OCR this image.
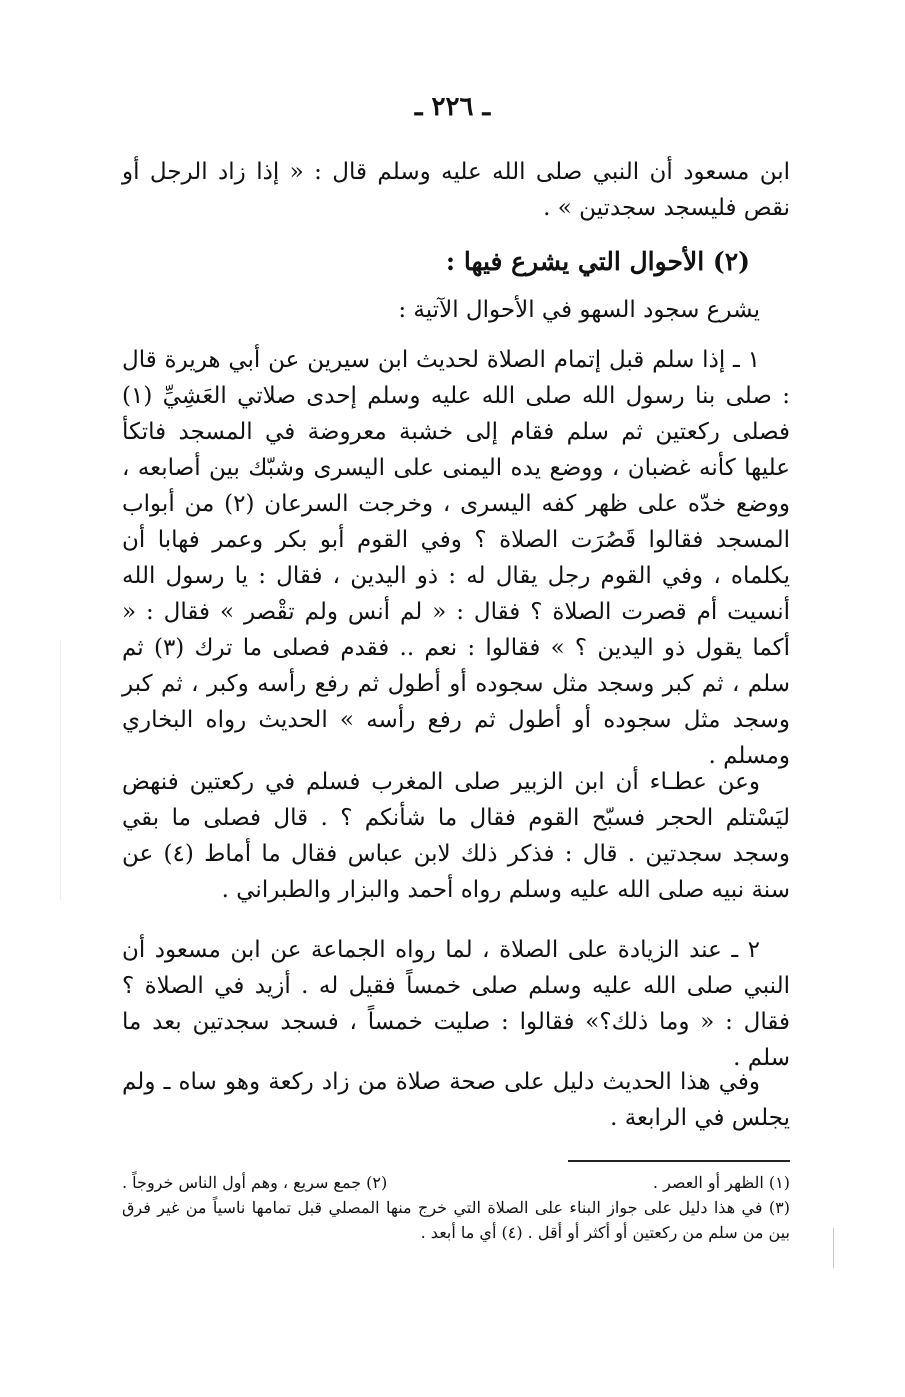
ـ ٢٢٦ ـ

ابن مسعود أن النبي صلى الله عليه وسلم قال : « إذا زاد الرجل أو نقص فليسجد سجدتين » .

(٢) الأحوال التي يشرع فيها :
يشرع سجود السهو في الأحوال الآتية :

١ ـ إذا سلم قبل إتمام الصلاة لحديث ابن سيرين عن أبي هريرة قال : صلى بنا رسول الله صلى الله عليه وسلم إحدى صلاتي العَشِيِّ (١) فصلى ركعتين ثم سلم فقام إلى خشبة معروضة في المسجد فاتكأ عليها كأنه غضبان ، ووضع يده اليمنى على اليسرى وشبّك بين أصابعه ، ووضع خدّه على ظهر كفه اليسرى ، وخرجت السرعان (٢) من أبواب المسجد فقالوا قَصُرَت الصلاة ؟ وفي القوم أبو بكر وعمر فهابا أن يكلماه ، وفي القوم رجل يقال له : ذو اليدين ، فقال : يا رسول الله أنسيت أم قصرت الصلاة ؟ فقال : « لم أنس ولم تقْصر » فقال : « أكما يقول ذو اليدين ؟ » فقالوا : نعم .. فقدم فصلى ما ترك (٣) ثم سلم ، ثم كبر وسجد مثل سجوده أو أطول ثم رفع رأسه وكبر ، ثم كبر وسجد مثل سجوده أو أطول ثم رفع رأسه » الحديث رواه البخاري ومسلم .

وعن عطـاء أن ابن الزبير صلى المغرب فسلم في ركعتين فنهض ليَسْتلم الحجر فسبّح القوم فقال ما شأنكم ؟ . قال فصلى ما بقي وسجد سجدتين . قال : فذكر ذلك لابن عباس فقال ما أماط (٤) عن سنة نبيه صلى الله عليه وسلم رواه أحمد والبزار والطبراني .

٢ ـ عند الزيادة على الصلاة ، لما رواه الجماعة عن ابن مسعود أن النبي صلى الله عليه وسلم صلى خمساً فقيل له . أزيد في الصلاة ؟ فقال : « وما ذلك؟» فقالوا : صليت خمساً ، فسجد سجدتين بعد ما سلم .

وفي هذا الحديث دليل على صحة صلاة من زاد ركعة وهو ساه ـ ولم يجلس في الرابعة .

(١) الظهر أو العصر .
(٢) جمع سريع ، وهم أول الناس خروجاً .

(٣) في هذا دليل على جواز البناء على الصلاة التي خرج منها المصلي قبل تمامها ناسياً من غير فرق بين من سلم من ركعتين أو أكثر أو أقل . (٤) أي ما أبعد .
